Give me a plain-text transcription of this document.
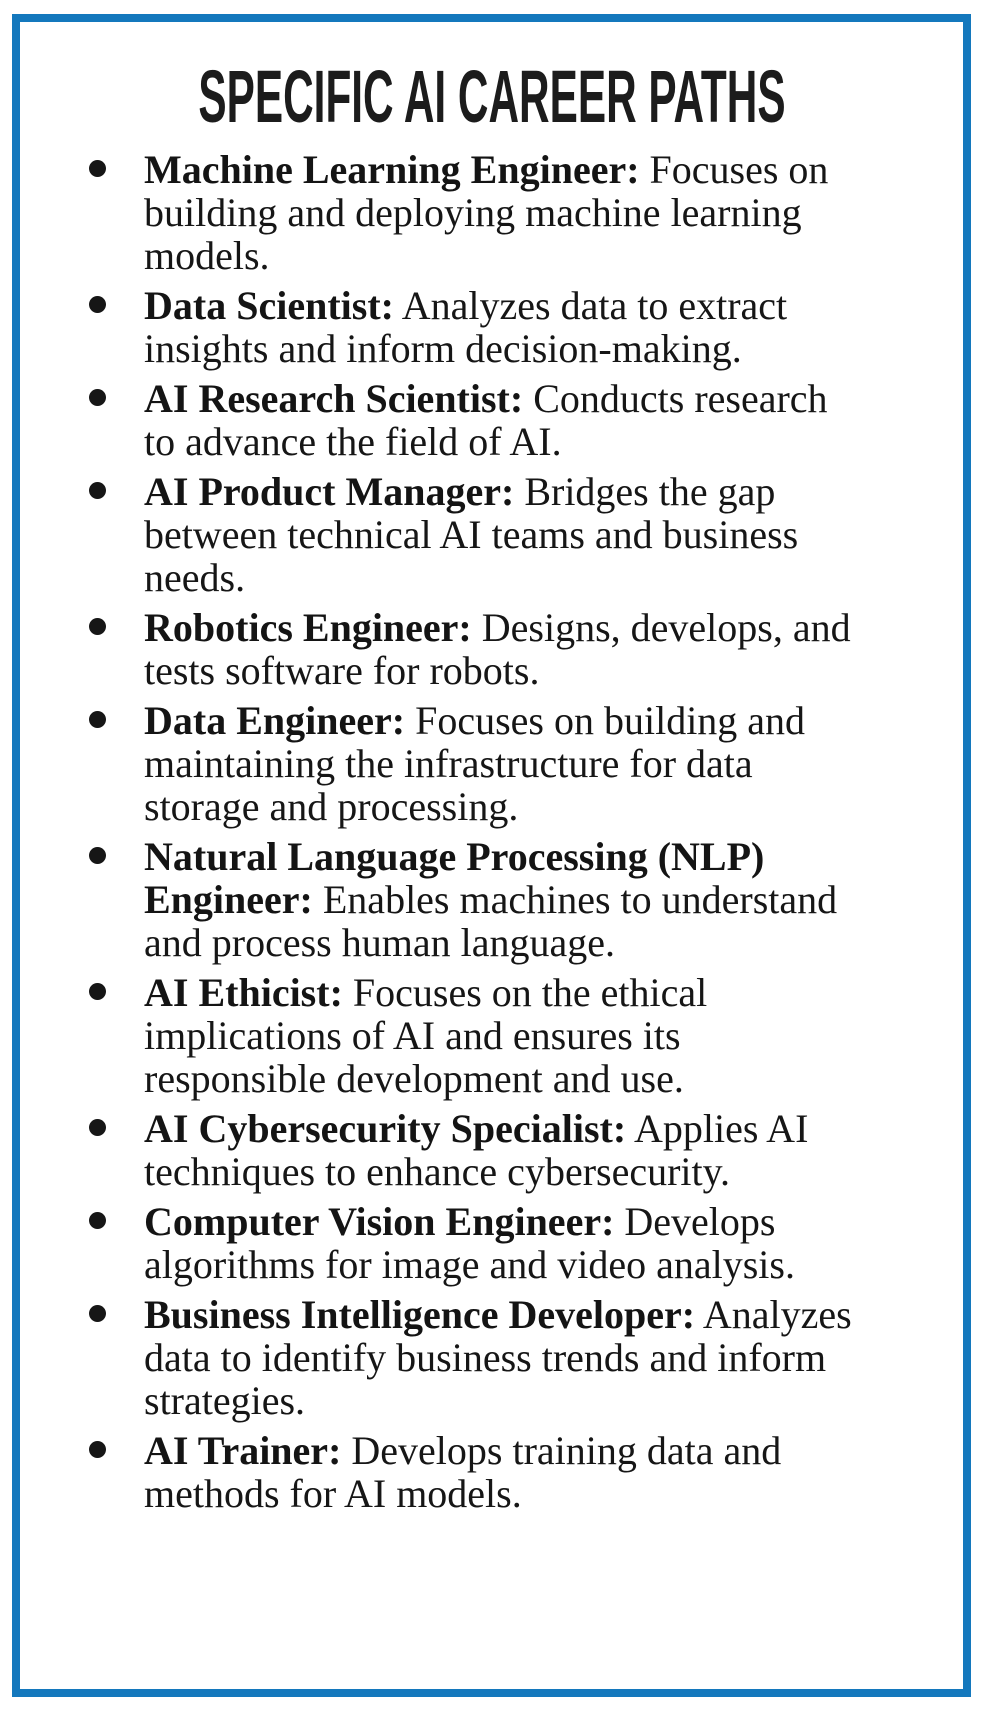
SPECIFIC AI CAREER PATHS

Machine Learning Engineer: Focuses on building and deploying machine learning models.

Data Scientist: Analyzes data to extract insights and inform decision-making.

AI Research Scientist: Conducts research to advance the field of AI.

AI Product Manager: Bridges the gap between technical AI teams and business needs.

Robotics Engineer: Designs, develops, and tests software for robots.

Data Engineer: Focuses on building and maintaining the infrastructure for data storage and processing.

Natural Language Processing (NLP) Engineer: Enables machines to understand and process human language.

AI Ethicist: Focuses on the ethical implications of AI and ensures its responsible development and use.

AI Cybersecurity Specialist: Applies AI techniques to enhance cybersecurity.

Computer Vision Engineer: Develops algorithms for image and video analysis.

Business Intelligence Developer: Analyzes data to identify business trends and inform strategies.

AI Trainer: Develops training data and methods for AI models.
